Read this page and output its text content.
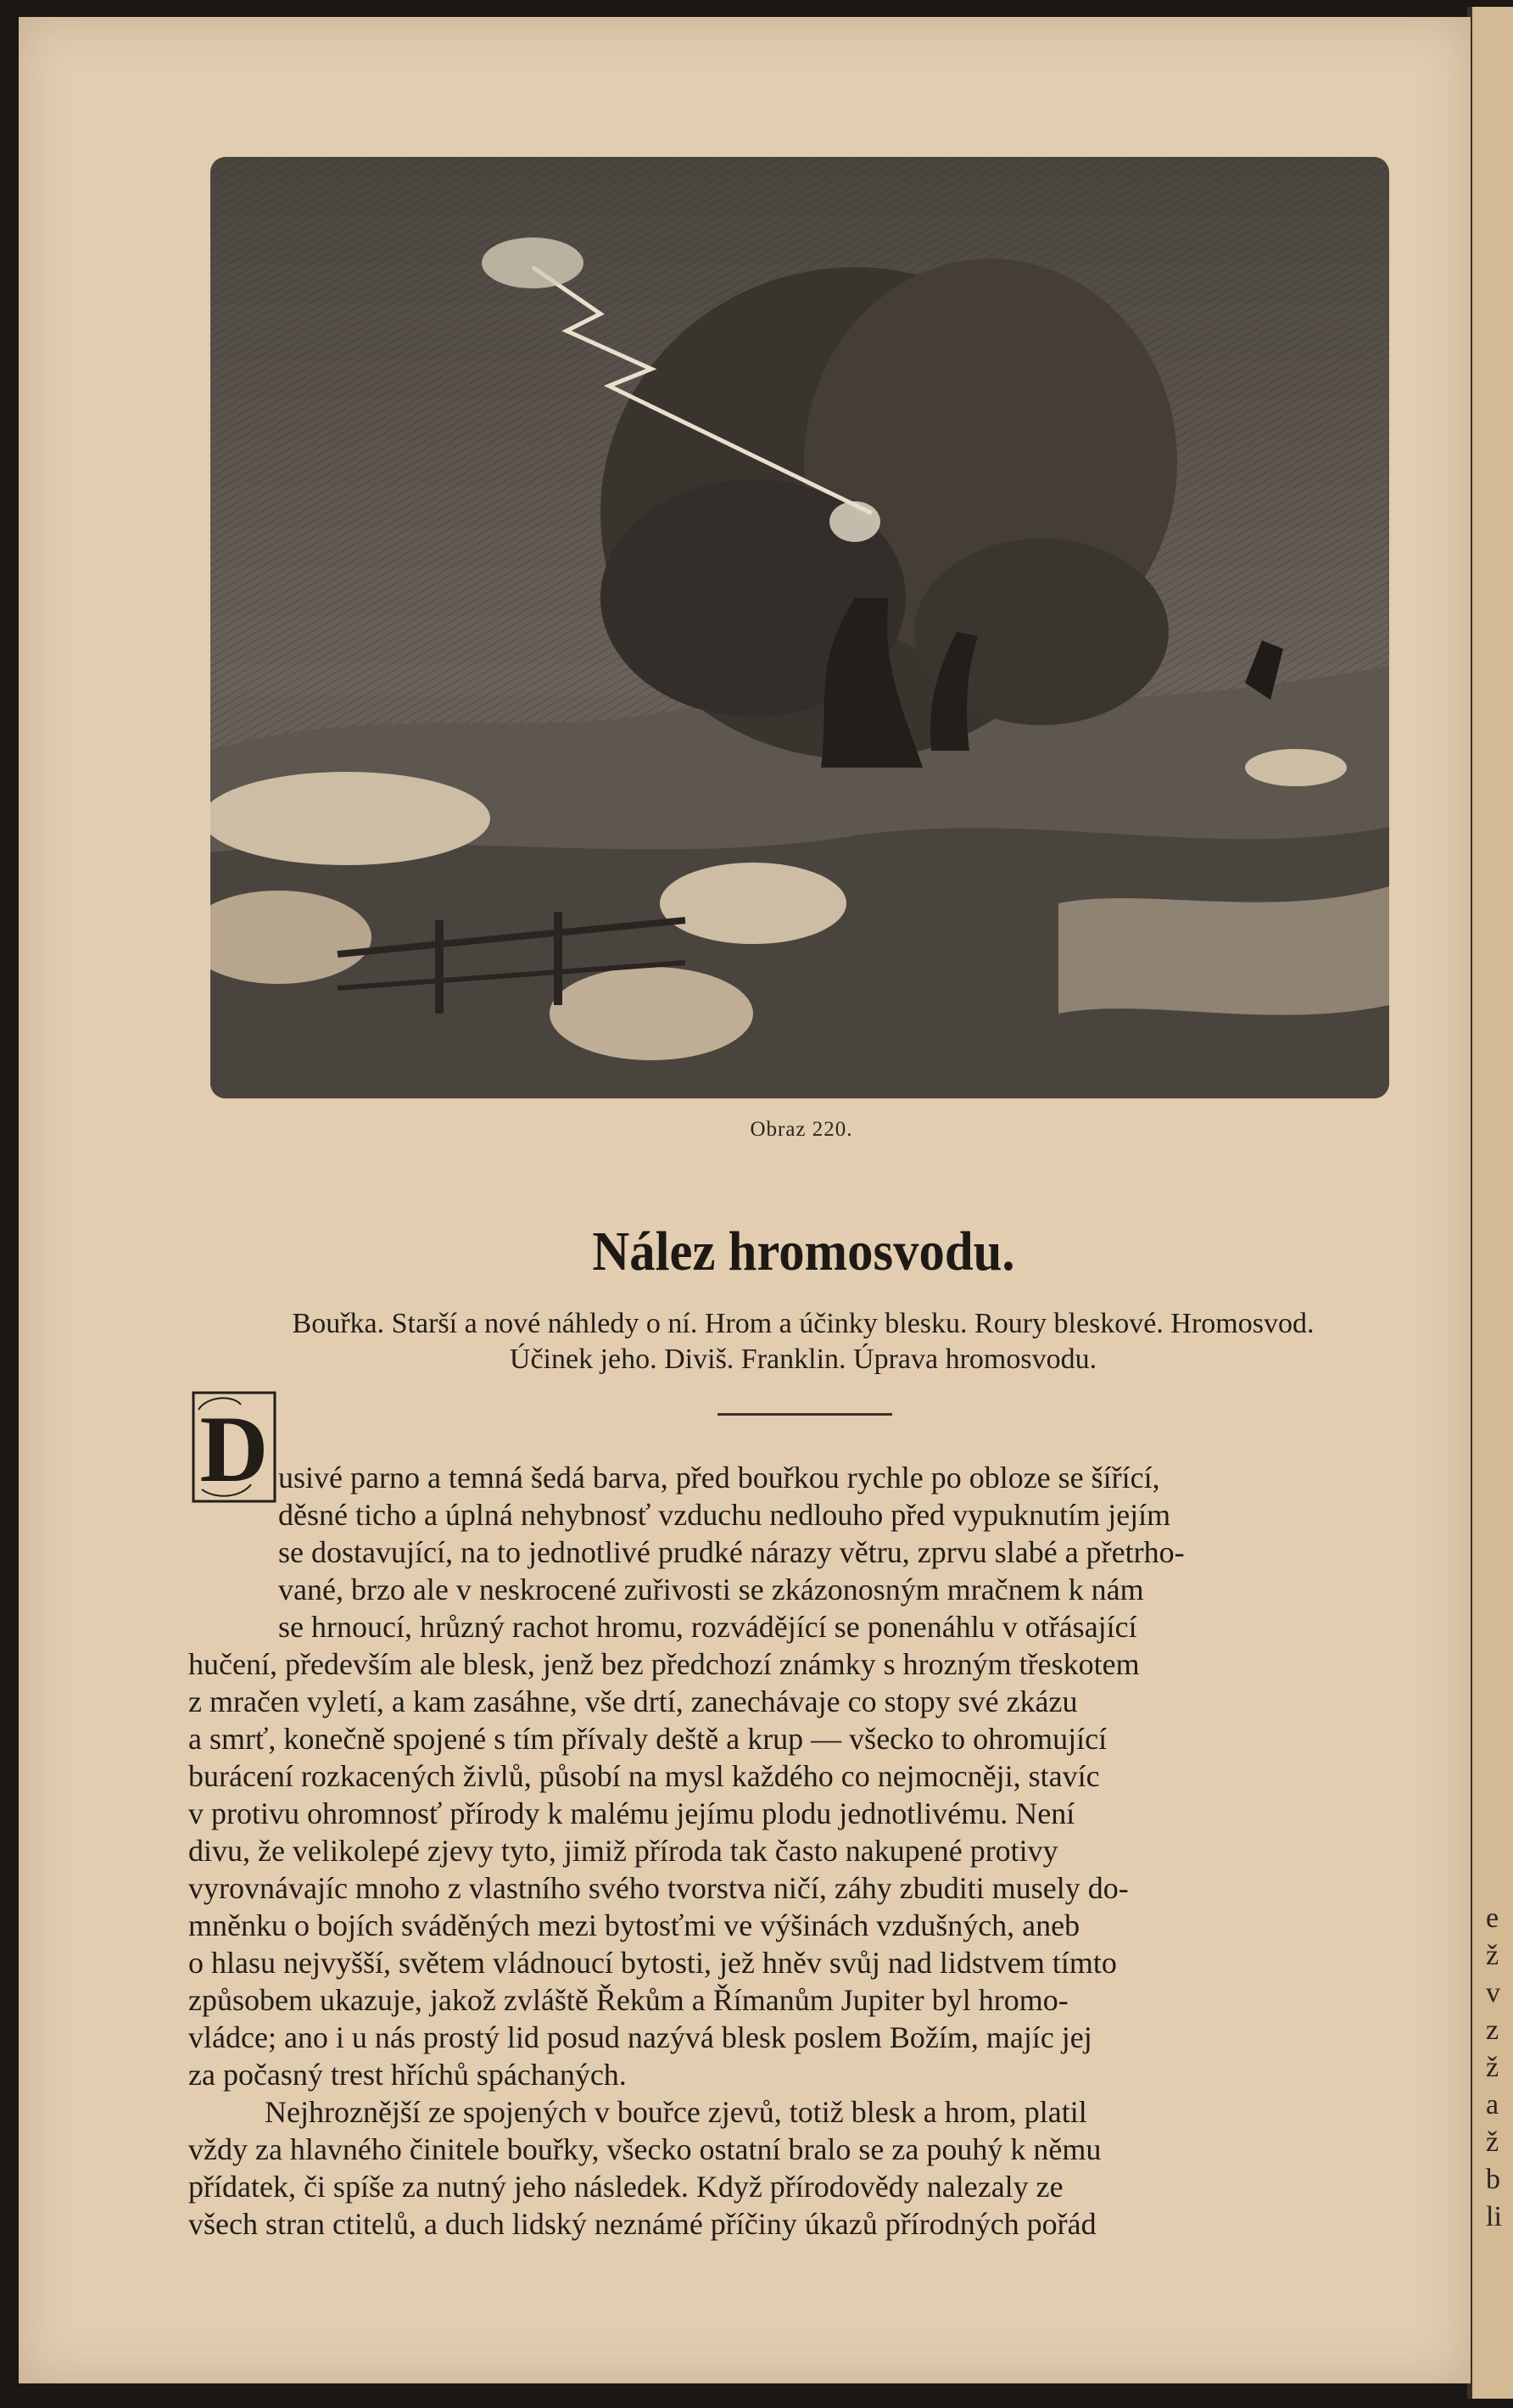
e
ž
v
z
ž
a
ž
b
li
Obraz 220.
Nález hromosvodu.
Bouřka. Starší a nové náhledy o ní. Hrom a účinky blesku. Roury bleskové. Hromosvod.
Účinek jeho. Diviš. Franklin. Úprava hromosvodu.
D usivé parno a temná šedá barva, před bouřkou rychle po obloze se šířící,
děsné ticho a úplná nehybnosť vzduchu nedlouho před vypuknutím jejím
se dostavující, na to jednotlivé prudké nárazy větru, zprvu slabé a přetrho-
vané, brzo ale v neskrocené zuřivosti se zkázonosným mračnem k nám
se hrnoucí, hrůzný rachot hromu, rozvádějící se ponenáhlu v otřásající
hučení, především ale blesk, jenž bez předchozí známky s hrozným třeskotem
z mračen vyletí, a kam zasáhne, vše drtí, zanechávaje co stopy své zkázu
a smrť, konečně spojené s tím přívaly deště a krup — všecko to ohromující
burácení rozkacených živlů, působí na mysl každého co nejmocněji, stavíc
v protivu ohromnosť přírody k malému jejímu plodu jednotlivému. Není
divu, že velikolepé zjevy tyto, jimiž příroda tak často nakupené protivy
vyrovnávajíc mnoho z vlastního svého tvorstva ničí, záhy zbuditi musely do-
mněnku o bojích sváděných mezi bytosťmi ve výšinách vzdušných, aneb
o hlasu nejvyšší, světem vládnoucí bytosti, jež hněv svůj nad lidstvem tímto
způsobem ukazuje, jakož zvláště Řekům a Římanům Jupiter byl hromo-
vládce; ano i u nás prostý lid posud nazývá blesk poslem Božím, majíc jej
za počasný trest hříchů spáchaných.
Nejhroznější ze spojených v bouřce zjevů, totiž blesk a hrom, platil
vždy za hlavného činitele bouřky, všecko ostatní bralo se za pouhý k němu
přídatek, či spíše za nutný jeho následek. Když přírodovědy nalezaly ze
všech stran ctitelů, a duch lidský neznámé příčiny úkazů přírodných pořád
